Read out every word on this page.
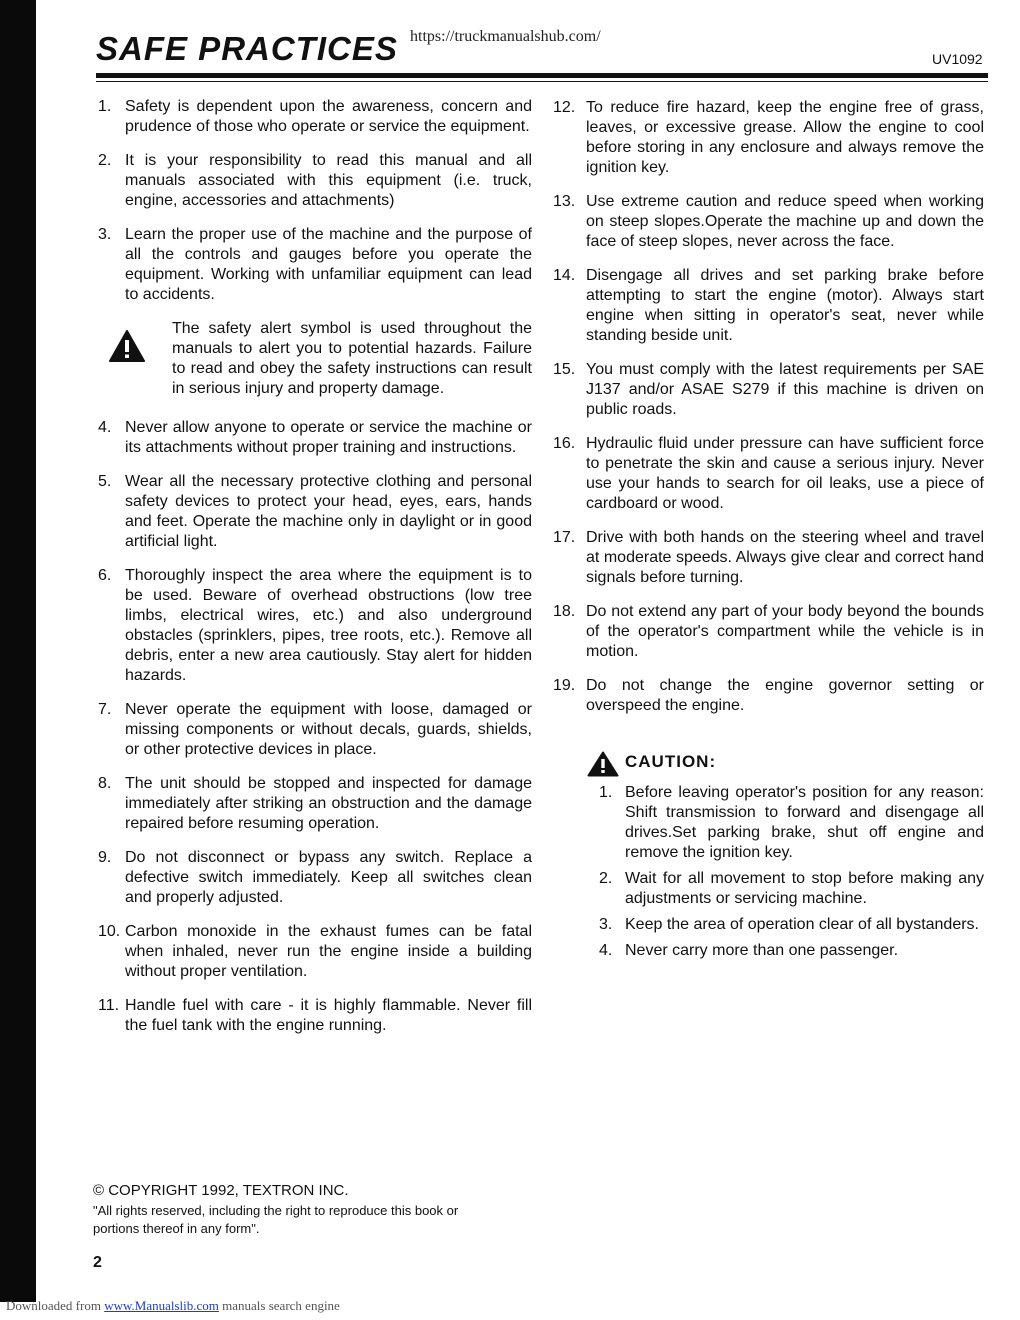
SAFE PRACTICES https://truckmanualshub.com/
UV1092
1. Safety is dependent upon the awareness, concern and prudence of those who operate or service the equipment.
2. It is your responsibility to read this manual and all manuals associated with this equipment (i.e. truck, engine, accessories and attachments)
3. Learn the proper use of the machine and the purpose of all the controls and gauges before you operate the equipment. Working with unfamiliar equipment can lead to accidents.
The safety alert symbol is used throughout the manuals to alert you to potential hazards. Failure to read and obey the safety instructions can result in serious injury and property damage.
4. Never allow anyone to operate or service the machine or its attachments without proper training and instructions.
5. Wear all the necessary protective clothing and personal safety devices to protect your head, eyes, ears, hands and feet. Operate the machine only in daylight or in good artificial light.
6. Thoroughly inspect the area where the equipment is to be used. Beware of overhead obstructions (low tree limbs, electrical wires, etc.) and also underground obstacles (sprinklers, pipes, tree roots, etc.). Remove all debris, enter a new area cautiously. Stay alert for hidden hazards.
7. Never operate the equipment with loose, damaged or missing components or without decals, guards, shields, or other protective devices in place.
8. The unit should be stopped and inspected for damage immediately after striking an obstruction and the damage repaired before resuming operation.
9. Do not disconnect or bypass any switch. Replace a defective switch immediately. Keep all switches clean and properly adjusted.
10. Carbon monoxide in the exhaust fumes can be fatal when inhaled, never run the engine inside a building without proper ventilation.
11. Handle fuel with care - it is highly flammable. Never fill the fuel tank with the engine running.
12. To reduce fire hazard, keep the engine free of grass, leaves, or excessive grease. Allow the engine to cool before storing in any enclosure and always remove the ignition key.
13. Use extreme caution and reduce speed when working on steep slopes.Operate the machine up and down the face of steep slopes, never across the face.
14. Disengage all drives and set parking brake before attempting to start the engine (motor). Always start engine when sitting in operator's seat, never while standing beside unit.
15. You must comply with the latest requirements per SAE J137 and/or ASAE S279 if this machine is driven on public roads.
16. Hydraulic fluid under pressure can have sufficient force to penetrate the skin and cause a serious injury. Never use your hands to search for oil leaks, use a piece of cardboard or wood.
17. Drive with both hands on the steering wheel and travel at moderate speeds. Always give clear and correct hand signals before turning.
18. Do not extend any part of your body beyond the bounds of the operator's compartment while the vehicle is in motion.
19. Do not change the engine governor setting or overspeed the engine.
CAUTION:
1. Before leaving operator's position for any reason: Shift transmission to forward and disengage all drives.Set parking brake, shut off engine and remove the ignition key.
2. Wait for all movement to stop before making any adjustments or servicing machine.
3. Keep the area of operation clear of all bystanders.
4. Never carry more than one passenger.
© COPYRIGHT 1992, TEXTRON INC.
"All rights reserved, including the right to reproduce this book or portions thereof in any form".
2
Downloaded from www.Manualslib.com manuals search engine
